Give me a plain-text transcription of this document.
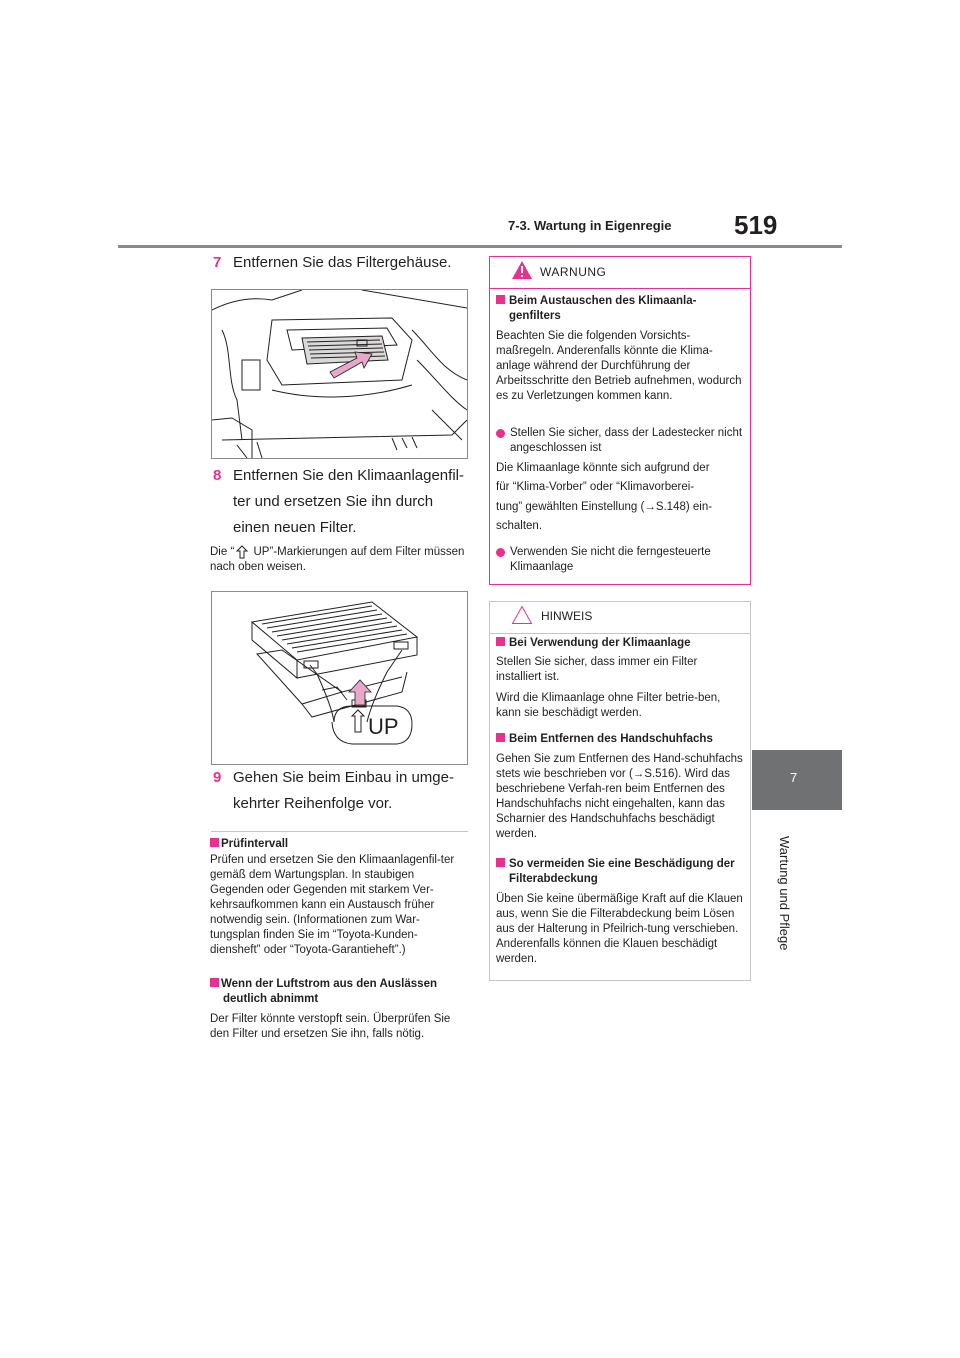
7-3. Wartung in Eigenregie 519
7
Wartung und Pflege
7 Entfernen Sie das Filtergehäuse.
8 Entfernen Sie den Klimaanlagenfil-ter und ersetzen Sie ihn durch einen neuen Filter.
Die “ UP”-Markierungen auf dem Filter müssen nach oben weisen.
UP
9 Gehen Sie beim Einbau in umge-kehrter Reihenfolge vor.
Prüfintervall
Prüfen und ersetzen Sie den Klimaanlagenfil-ter gemäß dem Wartungsplan. In staubigen Gegenden oder Gegenden mit starkem Ver-kehrsaufkommen kann ein Austausch früher notwendig sein. (Informationen zum War-tungsplan finden Sie im “Toyota-Kunden-diensheft” oder “Toyota-Garantieheft”.)
Wenn der Luftstrom aus den Auslässen deutlich abnimmt
Der Filter könnte verstopft sein. Überprüfen Sie den Filter und ersetzen Sie ihn, falls nötig.
WARNUNG
Beim Austauschen des Klimaanla-genfilters
Beachten Sie die folgenden Vorsichts-maßregeln. Anderenfalls könnte die Klima-anlage während der Durchführung der Arbeitsschritte den Betrieb aufnehmen, wodurch es zu Verletzungen kommen kann.
Stellen Sie sicher, dass der Ladestecker nicht angeschlossen ist
Die Klimaanlage könnte sich aufgrund der
für “Klima-Vorber” oder “Klimavorberei-
tung” gewählten Einstellung (→S.148) ein-
schalten.
Verwenden Sie nicht die ferngesteuerte Klimaanlage
HINWEIS
Bei Verwendung der Klimaanlage
Stellen Sie sicher, dass immer ein Filter installiert ist.
Wird die Klimaanlage ohne Filter betrie-ben, kann sie beschädigt werden.
Beim Entfernen des Handschuhfachs
Gehen Sie zum Entfernen des Hand-schuhfachs stets wie beschrieben vor (→S.516). Wird das beschriebene Verfah-ren beim Entfernen des Handschuhfachs nicht eingehalten, kann das Scharnier des Handschuhfachs beschädigt werden.
So vermeiden Sie eine Beschädigung der Filterabdeckung
Üben Sie keine übermäßige Kraft auf die Klauen aus, wenn Sie die Filterabdeckung beim Lösen aus der Halterung in Pfeilrich-tung verschieben. Anderenfalls können die Klauen beschädigt werden.
